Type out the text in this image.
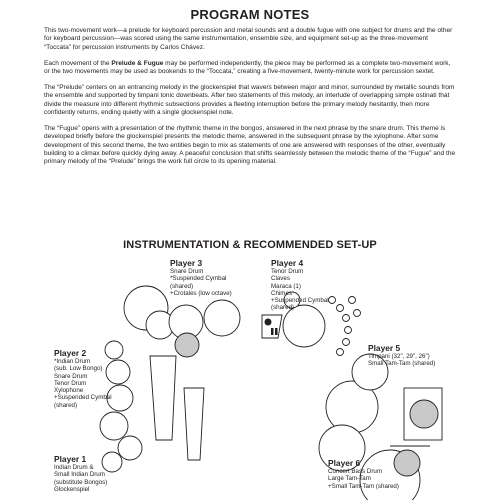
PROGRAM NOTES

This two-movement work—a prelude for keyboard percussion and metal sounds and a double fugue with one subject for drums and the other for keyboard percussion—was scored using the same instrumentation, ensemble size, and equipment set-up as the three-movement “Toccata” for percussion instruments by Carlos Chávez.

Each movement of the Prelude & Fugue may be performed independently, the piece may be performed as a complete two-movement work, or the two movements may be used as bookends to the “Toccata,” creating a five-movement, twenty-minute work for percussion sextet.

The “Prelude” centers on an entrancing melody in the glockenspiel that wavers between major and minor, surrounded by metallic sounds from the ensemble and supported by timpani tonic downbeats. After two statements of this melody, an interlude of overlapping simple ostinati that divide the measure into different rhythmic subsections provides a fleeting interruption before the primary melody hesitantly, then more confidently returns, ending quietly with a single glockenspiel note.

The “Fugue” opens with a presentation of the rhythmic theme in the bongos, answered in the next phrase by the snare drum. This theme is developed briefly before the glockenspiel presents the melodic theme, answered in the subsequent phrase by the xylophone. After some development of this second theme, the two entities begin to mix as statements of one are answered with responses of the other, eventually building to a climax before quickly dying away. A peaceful conclusion that shifts seamlessly between the melodic theme of the “Fugue” and the primary melody of the “Prelude” brings the work full circle to its opening material.

INSTRUMENTATION & RECOMMENDED SET-UP
Player 3
Snare Drum
*Suspended Cymbal
(shared)
+Crotales (low octave)
Player 4
Tenor Drum
Claves
Maraca (1)
Chimes
+Suspended Cymbal
(shared)
Player 2
*Indian Drum
(sub. Low Bongo)
Snare Drum
Tenor Drum
Xylophone
+Suspended Cymbal
(shared)
Player 5
Timpani (32", 29", 26")
Small Tam-Tam (shared)
Player 1
Indian Drum &
Small Indian Drum
(substitute Bongos)
Glockenspiel
Player 6
Concert Bass Drum
Large Tam-Tam
+Small Tam-Tam (shared)
